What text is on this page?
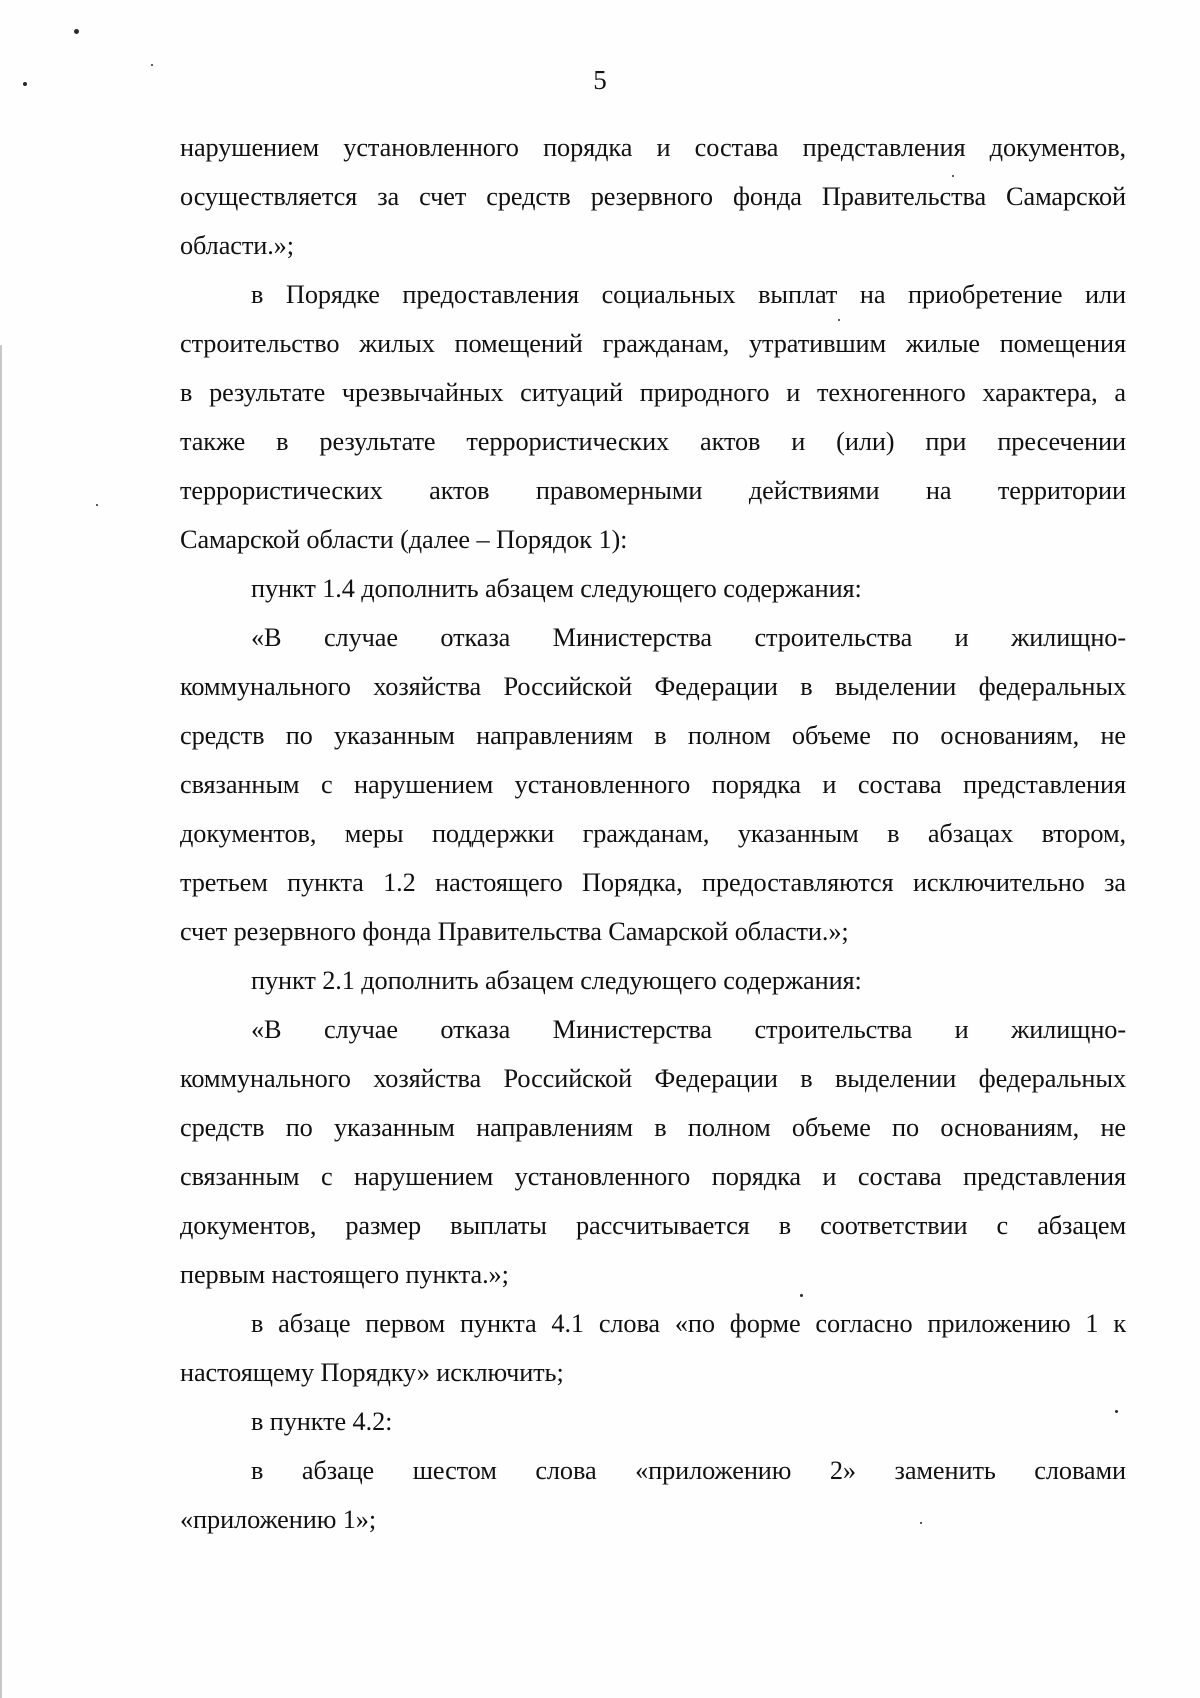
5
нарушением установленного порядка и состава представления документов,
осуществляется за счет средств резервного фонда Правительства Самарской
области.»;
в Порядке предоставления социальных выплат на приобретение или
строительство жилых помещений гражданам, утратившим жилые помещения
в результате чрезвычайных ситуаций природного и техногенного характера, а
также в результате террористических актов и (или) при пресечении
террористических актов правомерными действиями на территории
Самарской области (далее – Порядок 1):
пункт 1.4 дополнить абзацем следующего содержания:
«В случае отказа Министерства строительства и жилищно-
коммунального хозяйства Российской Федерации в выделении федеральных
средств по указанным направлениям в полном объеме по основаниям, не
связанным с нарушением установленного порядка и состава представления
документов, меры поддержки гражданам, указанным в абзацах втором,
третьем пункта 1.2 настоящего Порядка, предоставляются исключительно за
счет резервного фонда Правительства Самарской области.»;
пункт 2.1 дополнить абзацем следующего содержания:
«В случае отказа Министерства строительства и жилищно-
коммунального хозяйства Российской Федерации в выделении федеральных
средств по указанным направлениям в полном объеме по основаниям, не
связанным с нарушением установленного порядка и состава представления
документов, размер выплаты рассчитывается в соответствии с абзацем
первым настоящего пункта.»;
в абзаце первом пункта 4.1 слова «по форме согласно приложению 1 к
настоящему Порядку» исключить;
в пункте 4.2:
в абзаце шестом слова «приложению 2» заменить словами
«приложению 1»;
